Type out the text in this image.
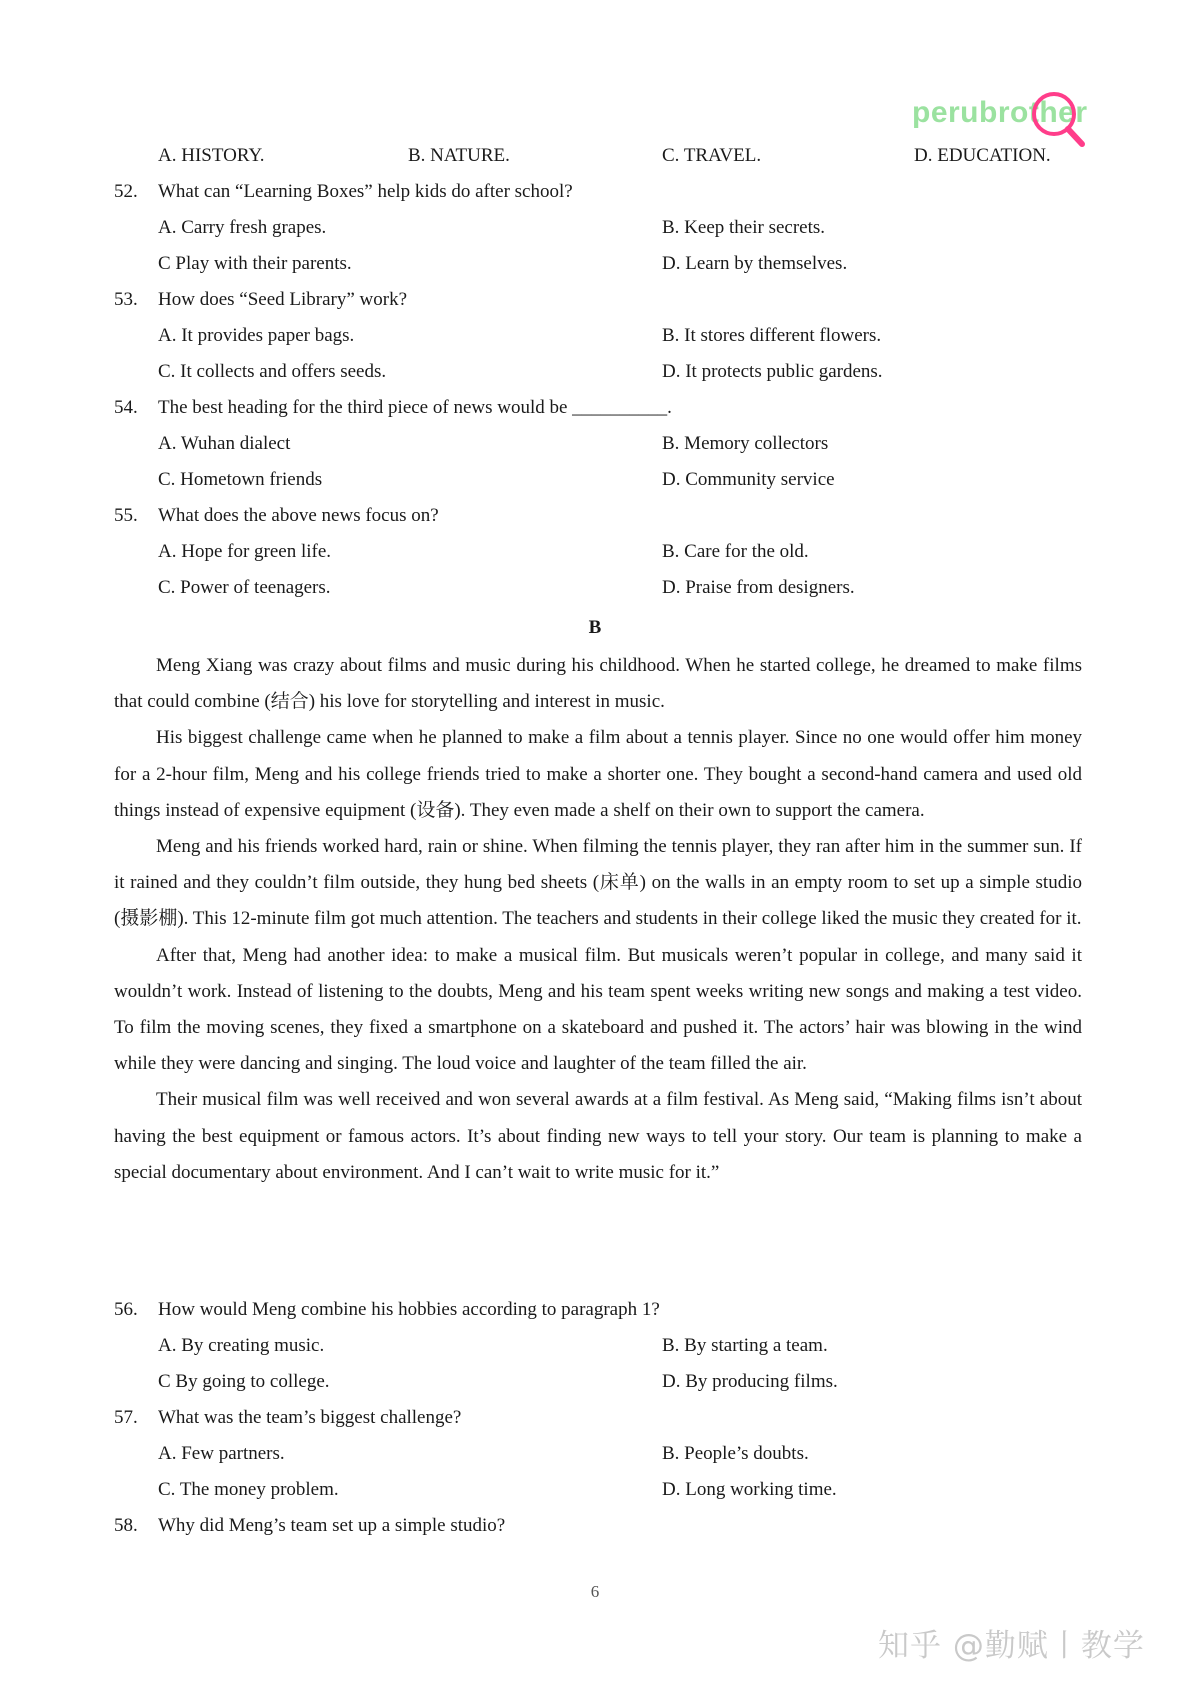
perubrother
A. HISTORY.	B. NATURE.	C. TRAVEL.	D. EDUCATION.
52. What can “Learning Boxes” help kids do after school?
A. Carry fresh grapes.	B. Keep their secrets.
C Play with their parents.	D. Learn by themselves.
53. How does “Seed Library” work?
A. It provides paper bags.	B. It stores different flowers.
C. It collects and offers seeds.	D. It protects public gardens.
54. The best heading for the third piece of news would be __________.
A. Wuhan dialect	B. Memory collectors
C. Hometown friends	D. Community service
55. What does the above news focus on?
A. Hope for green life.	B. Care for the old.
C. Power of teenagers.	D. Praise from designers.
B

Meng Xiang was crazy about films and music during his childhood. When he started college, he dreamed to make films that could combine (结合) his love for storytelling and interest in music.

His biggest challenge came when he planned to make a film about a tennis player. Since no one would offer him money for a 2-hour film, Meng and his college friends tried to make a shorter one. They bought a second-hand camera and used old things instead of expensive equipment (设备). They even made a shelf on their own to support the camera.

Meng and his friends worked hard, rain or shine. When filming the tennis player, they ran after him in the summer sun. If it rained and they couldn’t film outside, they hung bed sheets (床单) on the walls in an empty room to set up a simple studio (摄影棚). This 12-minute film got much attention. The teachers and students in their college liked the music they created for it.

After that, Meng had another idea: to make a musical film. But musicals weren’t popular in college, and many said it wouldn’t work. Instead of listening to the doubts, Meng and his team spent weeks writing new songs and making a test video. To film the moving scenes, they fixed a smartphone on a skateboard and pushed it. The actors’ hair was blowing in the wind while they were dancing and singing. The loud voice and laughter of the team filled the air.

Their musical film was well received and won several awards at a film festival. As Meng said, “Making films isn’t about having the best equipment or famous actors. It’s about finding new ways to tell your story. Our team is planning to make a special documentary about environment. And I can’t wait to write music for it.”

56. How would Meng combine his hobbies according to paragraph 1?
A. By creating music.	B. By starting a team.
C By going to college.	D. By producing films.
57. What was the team’s biggest challenge?
A. Few partners.	B. People’s doubts.
C. The money problem.	D. Long working time.
58. Why did Meng’s team set up a simple studio?
6
知乎 @勤赋丨教学
